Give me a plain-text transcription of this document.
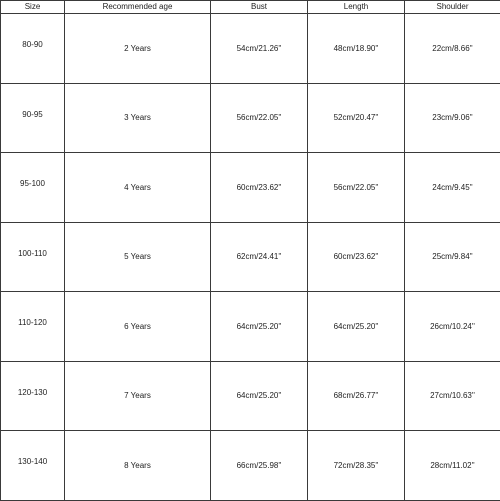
Size	Recommended age	Bust	Length	Shoulder
80-90	2 Years	54cm/21.26''	48cm/18.90''	22cm/8.66''
90-95	3 Years	56cm/22.05''	52cm/20.47''	23cm/9.06''
95-100	4 Years	60cm/23.62''	56cm/22.05''	24cm/9.45''
100-110	5 Years	62cm/24.41''	60cm/23.62''	25cm/9.84''
110-120	6 Years	64cm/25.20''	64cm/25.20''	26cm/10.24''
120-130	7 Years	64cm/25.20''	68cm/26.77''	27cm/10.63''
130-140	8 Years	66cm/25.98''	72cm/28.35''	28cm/11.02''
